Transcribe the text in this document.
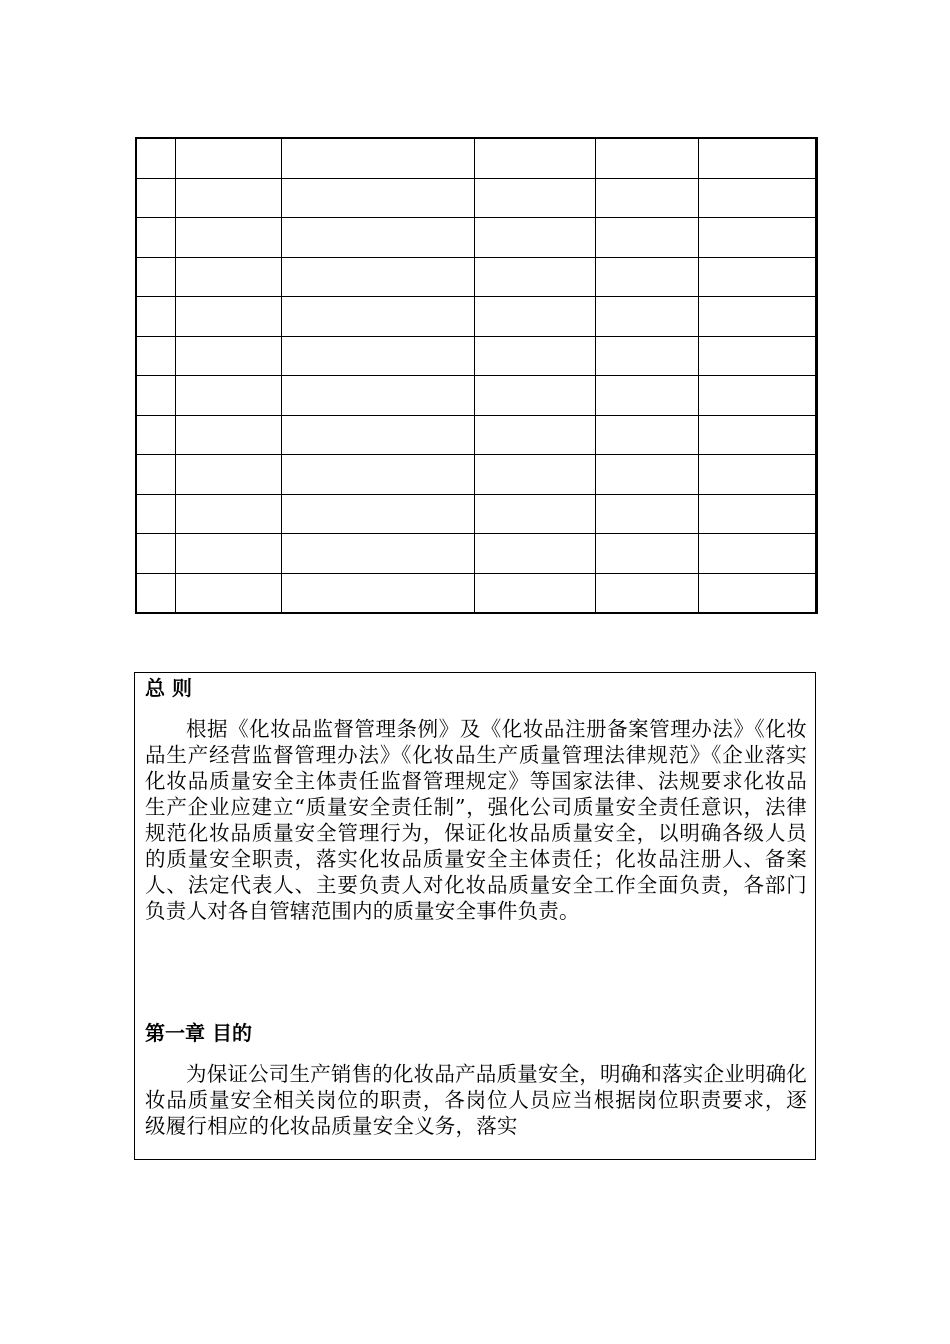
总 则

根据《化妆品监督管理条例》及《化妆品注册备案管理办法》《化妆品生产经营监督管理办法》《化妆品生产质量管理法律规范》《企业落实化妆品质量安全主体责任监督管理规定》等国家法律、法规要求化妆品生产企业应建立“质量安全责任制”，强化公司质量安全责任意识，法律规范化妆品质量安全管理行为，保证化妆品质量安全，以明确各级人员的质量安全职责，落实化妆品质量安全主体责任；化妆品注册人、备案人、法定代表人、主要负责人对化妆品质量安全工作全面负责，各部门负责人对各自管辖范围内的质量安全事件负责。

第一章 目的

为保证公司生产销售的化妆品产品质量安全，明确和落实企业明确化妆品质量安全相关岗位的职责，各岗位人员应当根据岗位职责要求，逐级履行相应的化妆品质量安全义务，落实
